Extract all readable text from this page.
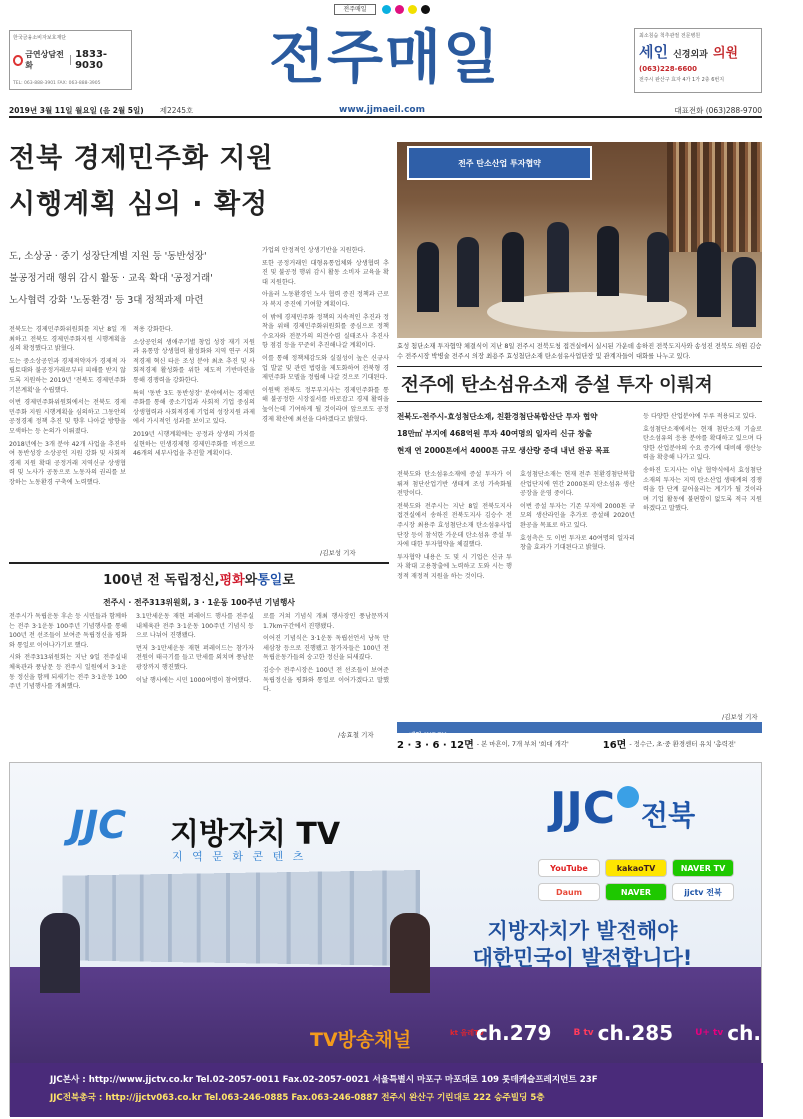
전주매일
한국금융소비자보호재단
금연상담전화
1833-9030
TEL: 063-888-3901 FAX: 063-888-3905	전주매일	최소침습 척추관절 전문병원
세인 신경외과 의원
(063)228-6600
전주시 완산구 효자 4가 1가 2층 6번지
2019년 3월 11일 월요일 (음 2월 5일) 제2245호	www.jjmaeil.com	대표전화 (063)288-9700
전북 경제민주화 지원
시행계획 심의 · 확정
도, 소상공 · 중기 성장단계별 지원 등 '동반성장'
불공정거래 행위 감시 활동 · 교육 확대 '공정거래'
노사협력 강화 '노동환경' 등 3대 정책과제 마련

전북도는 경제민주화위원회를 지난 8일 개최하고 전북도 경제민주화지원 시행계획을 심의 확정했다고 밝혔다.

도는 중소상공인과 경제적약자가 경제적 자립토대와 불공정거래로부터 피해를 받지 않도록 지원하는 2019년 '전북도 경제민주화 기본계획'을 수립했다.

이번 경제민주화위원회에서는 전북도 경제민주화 지원 시행계획을 심의하고 그동안의 공정경제 정책 추진 및 향후 나아갈 방향을 모색하는 등 논의가 이뤄졌다.

2018년에는 3개 분야 42개 사업을 추진하여 동반성장 소상공인 지원 강화 및 사회적경제 지원 확대 공정거래 지역신규 상생협력 및 노사가 공동으로 노동자의 권리를 보장하는 노동환경 구축에 노력했다.

적용 강화한다.

소상공인의 생애주기별 창업 성장 재기 지원과 유통망 상생협력 활성화와 지역 연구 시회적경제 혁신 타운 조성 분야 최초 추진 및 사회적경제 활성화를 위한 제도적 기반마련을 통해 경쟁력을 강화한다.

특히 '동반 3도 동반성장' 분야에서는 경제민주화를 통해 중소기업과 사회적 기업 중심의 상생협력과 사회적경제 기업의 성장지원 과제에서 가시적인 성과를 보이고 있다.

2019년 시행계획에는 공정과 상생의 가치를 실현하는 민생경제형 경제민주화를 비전으로 46개의 세부사업을 추진할 계획이다.

가업의 안정적인 상생기반을 지원한다.

또한 공정거래인 대형유통업체와 상생협력 추진 및 불공정 행위 감시 활동 소비자 교육을 확대 지원한다.

아울러 노동환경인 노사 협력 증진 정책과 근로자 복지 증진에 기여할 계획이다.

이 밖에 경제민주화 정책의 지속적인 추진과 정착을 위해 경제민주화위원회를 중심으로 정책 수요자와 전문가의 의견수렴 실태조사 추진사항 점검 등을 꾸준히 추진해나갈 계획이다.

이를 통해 정책체감도와 실질성이 높은 신규사업 발굴 및 관련 법령을 제도화하여 전북형 경제민주화 모델을 정립해 나갈 것으로 기대된다.

이원택 전북도 정무부지사는 경제민주화를 통해 불공정한 시장질서를 바로잡고 경제 활력을 높이는데 기여하게 될 것이라며 앞으로도 공정경제 확산에 최선을 다하겠다고 밝혔다.

/김보성 기자
전주 탄소산업 투자협약
효성 첨단소재 투자협약 체결식이 지난 8일 전주시 전북도청 접견실에서 실시된 가운데 송하진 전북도지사와 송성진 전북도 의원 김승수 전주시장 박병술 전주시 의장 최용주 효성첨단소재 탄소섬유사업단장 및 관계자들이 대화를 나누고 있다.
전주에 탄소섬유소재 증설 투자 이뤄져
전북도-전주시-효성첨단소재, 친환경첨단복합산단 투자 협약
18만㎡ 부지에 468억원 투자 40여명의 일자리 신규 창출
현재 연 2000톤에서 4000톤 규모 생산량 증대 내년 완공 목표

전북도와 탄소섬유소재에 증설 투자가 이뤄져 첨단산업기반 생태계 조성 가속화될 전망이다.

전북도와 전주시는 지난 8일 전북도지사 접견실에서 송하진 전북도지사 김승수 전주시장 최용주 효성첨단소재 탄소섬유사업단장 등이 참석한 가운데 탄소섬유 증설 투자에 대한 투자협약을 체결했다.

투자협약 내용은 도 및 시 기업은 신규 투자 확대 고용창출에 노력하고 도와 시는 행정적 재정적 지원을 하는 것이다.

효성첨단소재는 현재 전주 친환경첨단복합산업단지에 연간 2000톤의 탄소섬유 생산공장을 운영 중이다.

이번 증설 투자는 기존 부지에 2000톤 규모의 생산라인을 추가로 증설해 2020년 완공을 목표로 하고 있다.

효성측은 도 이번 투자로 40여명의 일자리 창출 효과가 기대된다고 밝혔다.

등 다양한 산업분야에 두루 적용되고 있다.

효성첨단소재에서는 현재 첨단소재 기술로 탄소섬유의 응용 분야를 확대하고 있으며 다양한 산업분야의 수요 증가에 대비해 생산능력을 확충해 나가고 있다.

송하진 도지사는 이날 협약식에서 효성첨단소재의 투자는 지역 탄소산업 생태계의 경쟁력을 한 단계 끌어올리는 계기가 될 것이라며 기업 활동에 불편함이 없도록 적극 지원하겠다고 말했다.

/김보성 기자
100년 전 독립정신, 평화 와 통일 로
전주시 · 전주313위원회, 3 · 1운동 100주년 기념행사

전주시가 독립운동 후손 등 시민들과 함께하는 전주 3·1운동 100주년 기념행사를 통해 100년 전 선조들이 보여준 독립정신을 평화와 통일로 이어나가기로 했다.

시와 전주313위원회는 지난 9일 전주실내체육관과 풍남문 등 전주시 일원에서 3·1운동 정신을 함께 되새기는 전주 3·1운동 100주년 기념행사를 개최했다.

3.1만세운동 재현 퍼레이드 행사를 전주실내체육관 전주 3·1운동 100주년 기념식 등으로 나뉘어 진행됐다.

먼저 3·1만세운동 재현 퍼레이드는 참가자 전원이 태극기를 들고 만세를 외치며 풍남문 광장까지 행진했다.

이날 행사에는 시민 1000여명이 참여했다.

로를 거쳐 기념식 개최 행사장인 풍남문까지 1.7km구간에서 진행됐다.

이어진 기념식은 3·1운동 독립선언서 낭독 만세삼창 등으로 진행됐고 참가자들은 100년 전 독립운동가들의 숭고한 정신을 되새겼다.

김승수 전주시장은 100년 전 선조들이 보여준 독립정신을 평화와 통일로 이어가겠다고 말했다.

/송효철 기자	매일 INDEX
2 · 3 · 6 · 12면 - 본 마흔이, 7개 부처 '희대 개각'	16면 - 정수근, 초·중 환경센터 유치 '총력전'
JJC 지방자치 TV
지 역 문 화 콘 텐 츠
JJC 전북
YouTube	kakaoTV	NAVER TV
Daum	NAVER	jjctv 전북
지방자치가 발전해야
대한민국이 발전합니다!
TV방송채널	kt 올레TV
ch.279 B tv ch.285 U+ tv ch.253
JJC본사 : http://www.jjctv.co.kr Tel.02-2057-0011 Fax.02-2057-0021 서울특별시 마포구 마포대로 109 롯데캐슬프레지던트 23F
JJC전북총국 : http://jjctv063.co.kr Tel.063-246-0885 Fax.063-246-0887 전주시 완산구 기린대로 222 승주빌딩 5층
